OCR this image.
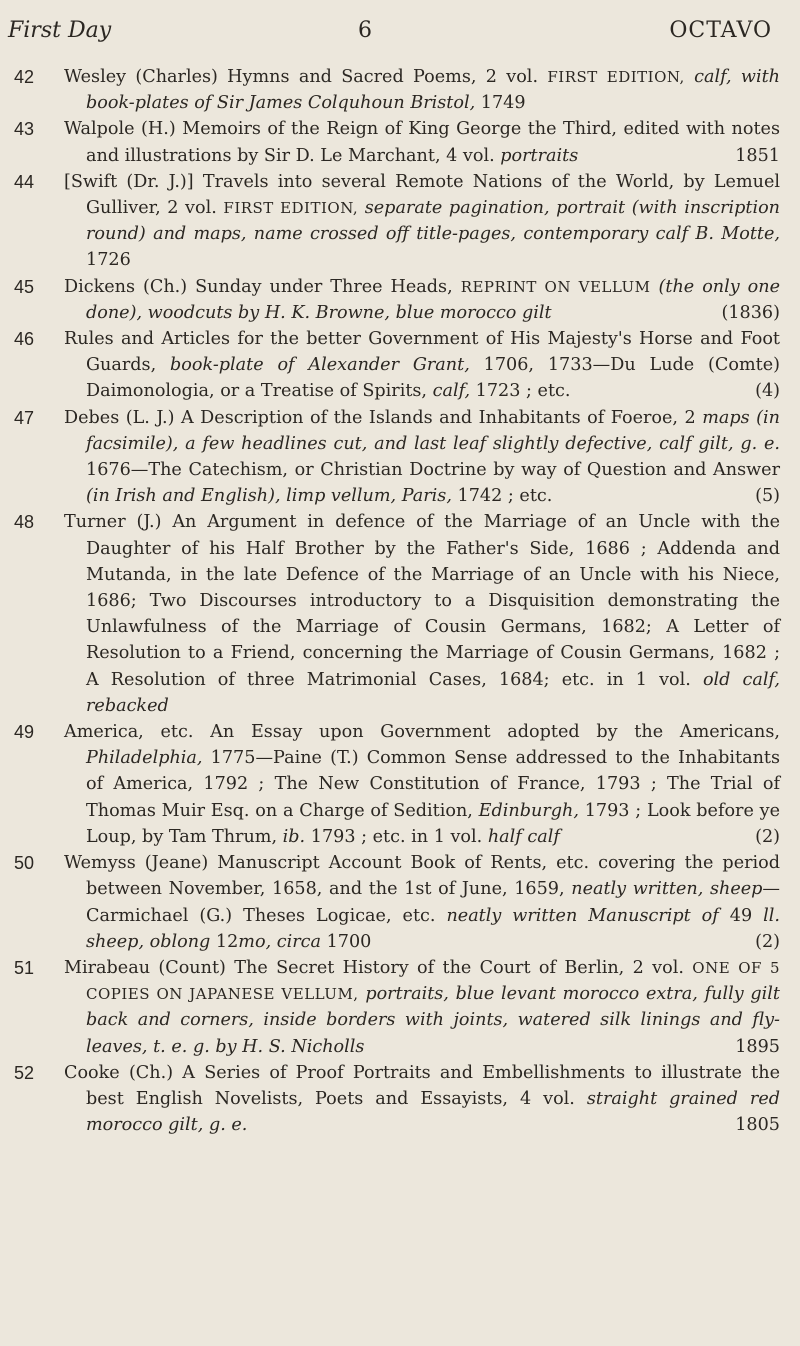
First Day	6	OCTAVO
42	Wesley (Charles) Hymns and Sacred Poems, 2 vol. FIRST EDITION, calf, with book-plates of Sir James Colquhoun Bristol, 1749
43	Walpole (H.) Memoirs of the Reign of King George the Third, edited with notes and illustrations by Sir D. Le Marchant, 4 vol. portraits	1851
44	[Swift (Dr. J.)] Travels into several Remote Nations of the World, by Lemuel Gulliver, 2 vol. FIRST EDITION, separate pagination, portrait (with inscription round) and maps, name crossed off title-pages, contemporary calf B. Motte, 1726
45	Dickens (Ch.) Sunday under Three Heads, REPRINT ON VELLUM (the only one done), woodcuts by H. K. Browne, blue morocco gilt	(1836)
46	Rules and Articles for the better Government of His Majesty's Horse and Foot Guards, book-plate of Alexander Grant, 1706, 1733—Du Lude (Comte) Daimonologia, or a Treatise of Spirits, calf, 1723 ; etc.	(4)
47	Debes (L. J.) A Description of the Islands and Inhabitants of Foeroe, 2 maps (in facsimile), a few headlines cut, and last leaf slightly defective, calf gilt, g. e. 1676—The Catechism, or Christian Doctrine by way of Question and Answer (in Irish and English), limp vellum, Paris, 1742 ; etc.	(5)
48	Turner (J.) An Argument in defence of the Marriage of an Uncle with the Daughter of his Half Brother by the Father's Side, 1686 ; Addenda and Mutanda, in the late Defence of the Marriage of an Uncle with his Niece, 1686; Two Discourses introductory to a Disquisition demonstrating the Unlawfulness of the Marriage of Cousin Germans, 1682; A Letter of Resolution to a Friend, concerning the Marriage of Cousin Germans, 1682 ; A Resolution of three Matrimonial Cases, 1684; etc. in 1 vol. old calf, rebacked
49	America, etc. An Essay upon Government adopted by the Americans, Philadelphia, 1775—Paine (T.) Common Sense addressed to the Inhabitants of America, 1792 ; The New Constitution of France, 1793 ; The Trial of Thomas Muir Esq. on a Charge of Sedition, Edinburgh, 1793 ; Look before ye Loup, by Tam Thrum, ib. 1793 ; etc. in 1 vol. half calf	(2)
50	Wemyss (Jeane) Manuscript Account Book of Rents, etc. covering the period between November, 1658, and the 1st of June, 1659, neatly written, sheep—Carmichael (G.) Theses Logicae, etc. neatly written Manuscript of 49 ll. sheep, oblong 12mo, circa 1700	(2)
51	Mirabeau (Count) The Secret History of the Court of Berlin, 2 vol. ONE OF 5 COPIES ON JAPANESE VELLUM, portraits, blue levant morocco extra, fully gilt back and corners, inside borders with joints, watered silk linings and fly-leaves, t. e. g. by H. S. Nicholls	1895
52	Cooke (Ch.) A Series of Proof Portraits and Embellishments to illustrate the best English Novelists, Poets and Essayists, 4 vol. straight grained red morocco gilt, g. e.	1805
